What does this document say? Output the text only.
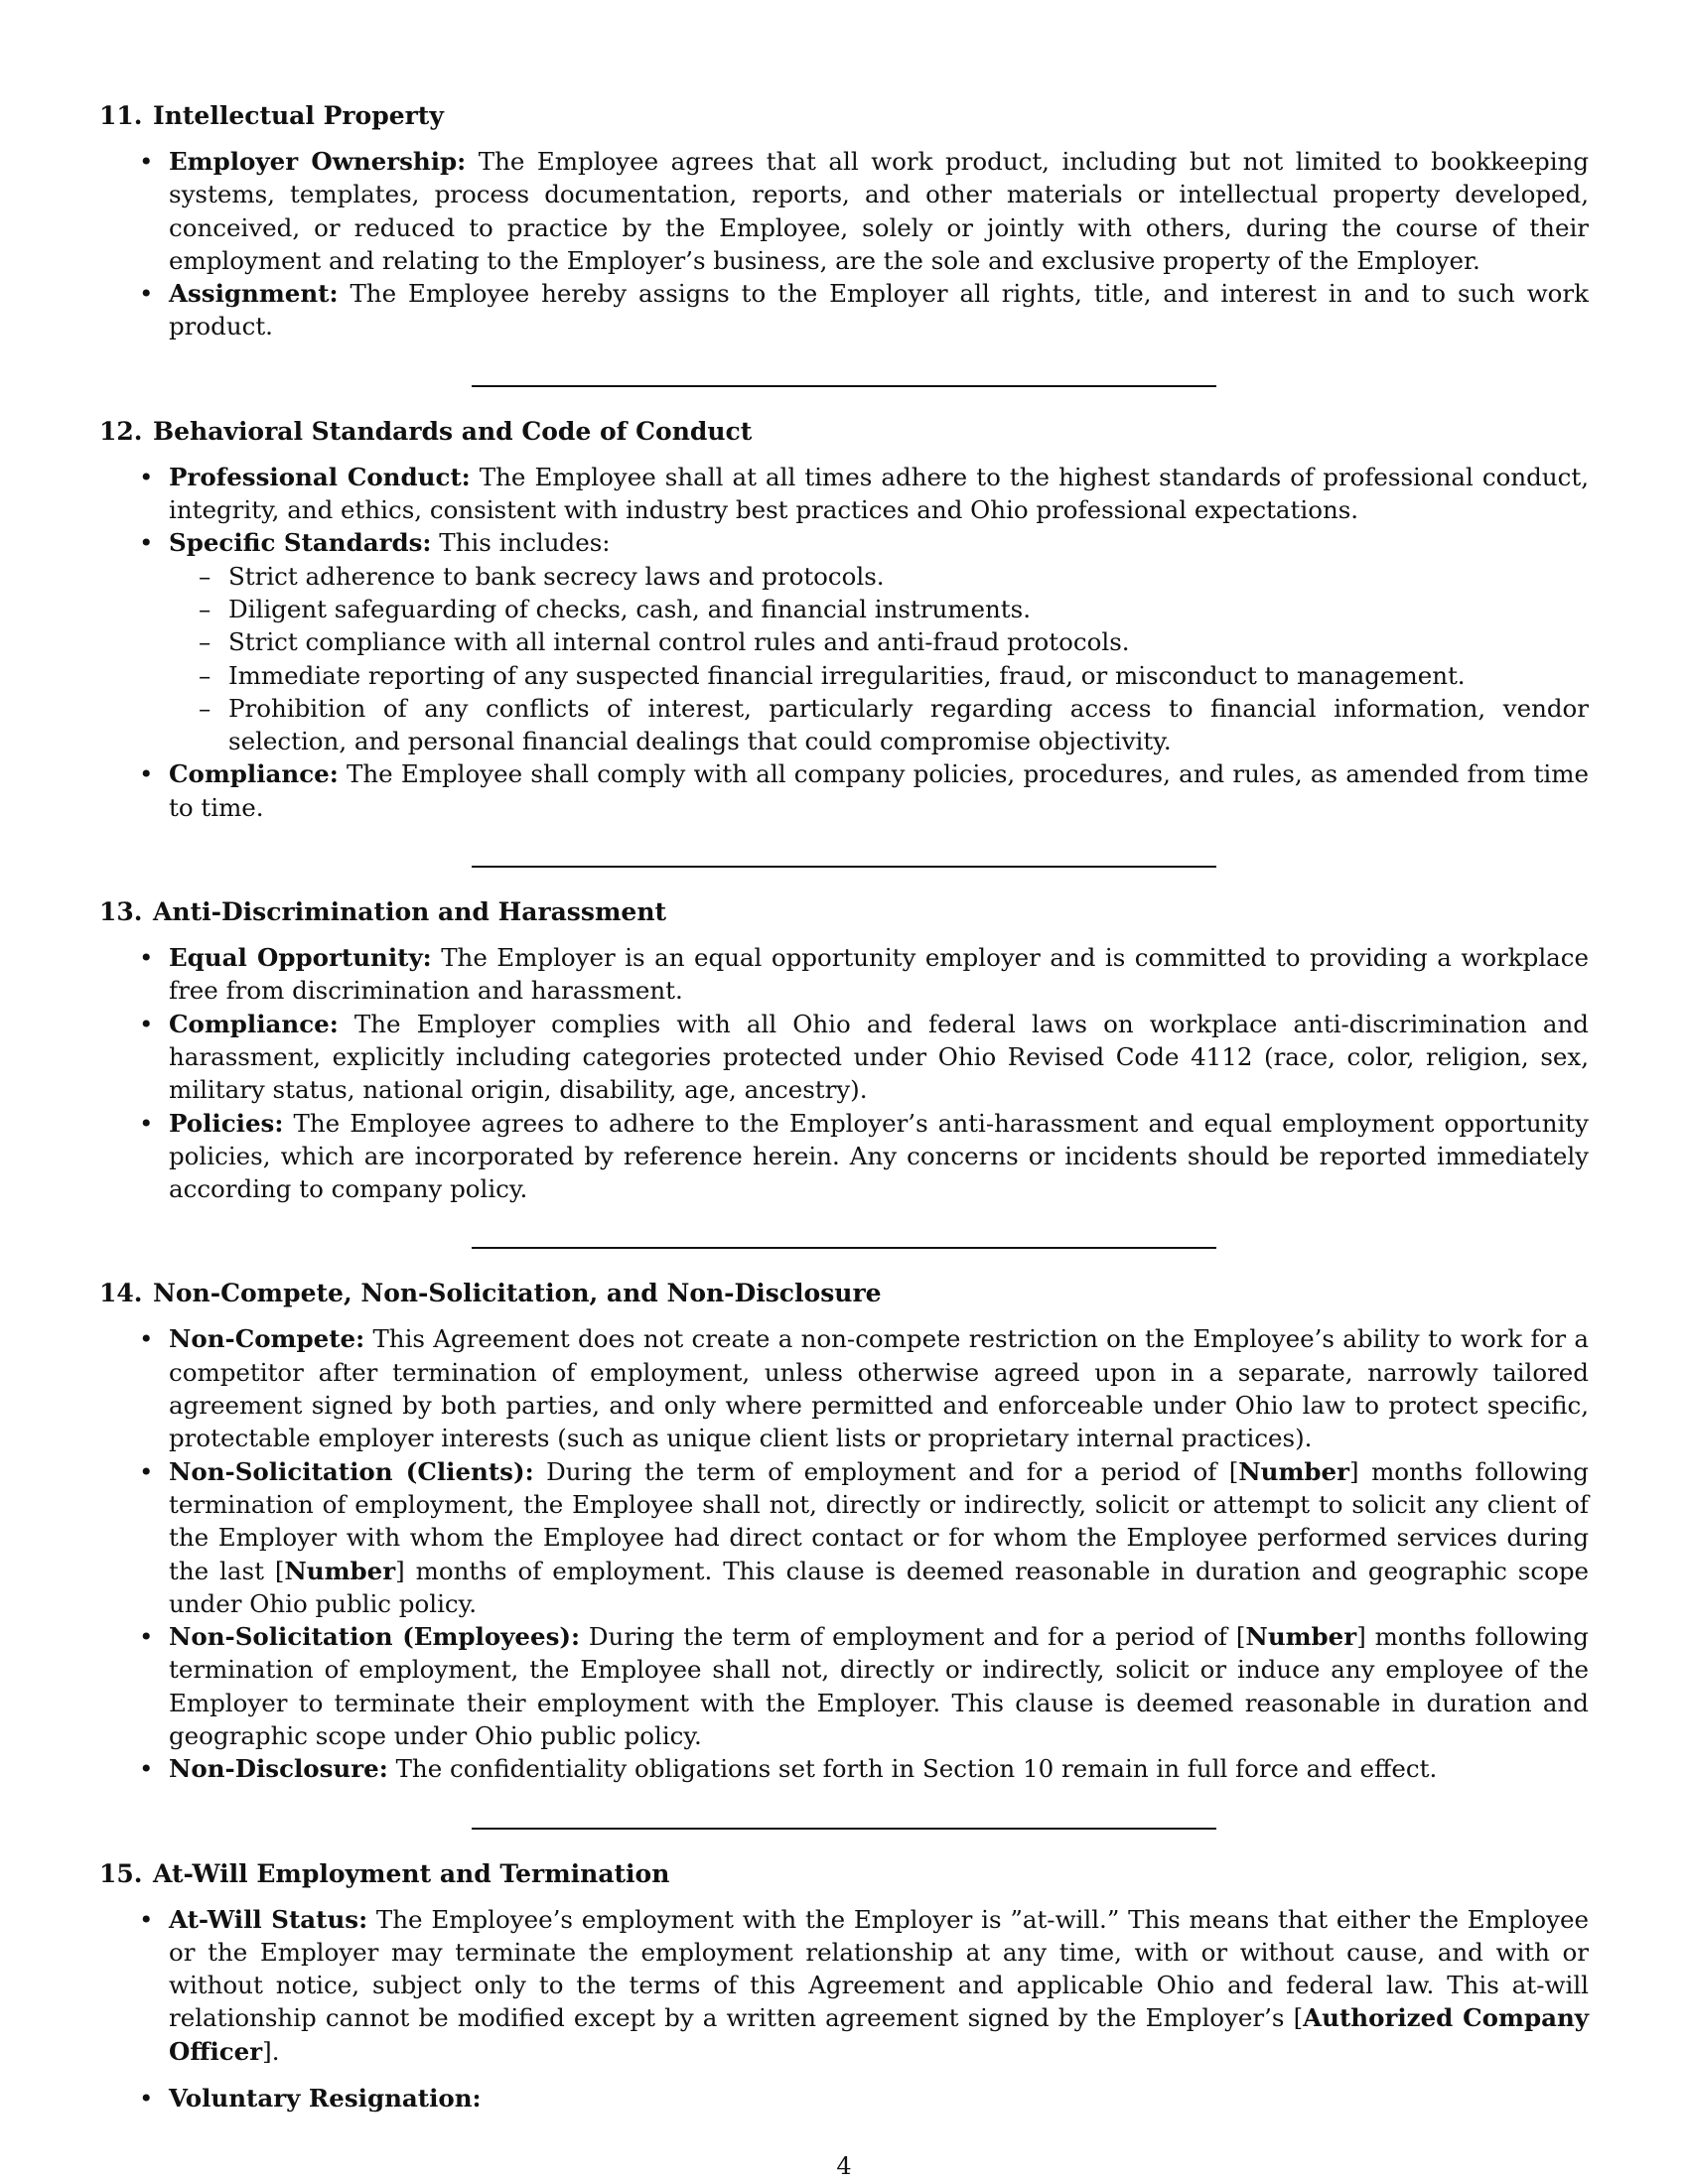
11. Intellectual Property
• Employer Ownership: The Employee agrees that all work product, including but not limited to bookkeeping systems, templates, process documentation, reports, and other materials or intellectual property developed, conceived, or reduced to practice by the Employee, solely or jointly with others, during the course of their employment and relating to the Employer’s business, are the sole and exclusive property of the Employer.
• Assignment: The Employee hereby assigns to the Employer all rights, title, and interest in and to such work product.
12. Behavioral Standards and Code of Conduct
• Professional Conduct: The Employee shall at all times adhere to the highest standards of professional conduct, integrity, and ethics, consistent with industry best practices and Ohio professional expectations.
• Specific Standards: This includes:
– Strict adherence to bank secrecy laws and protocols.
– Diligent safeguarding of checks, cash, and financial instruments.
– Strict compliance with all internal control rules and anti-fraud protocols.
– Immediate reporting of any suspected financial irregularities, fraud, or misconduct to management.
– Prohibition of any conflicts of interest, particularly regarding access to financial information, vendor selection, and personal financial dealings that could compromise objectivity.
• Compliance: The Employee shall comply with all company policies, procedures, and rules, as amended from time to time.
13. Anti-Discrimination and Harassment
• Equal Opportunity: The Employer is an equal opportunity employer and is committed to providing a workplace free from discrimination and harassment.
• Compliance: The Employer complies with all Ohio and federal laws on workplace anti-discrimination and harassment, explicitly including categories protected under Ohio Revised Code 4112 (race, color, religion, sex, military status, national origin, disability, age, ancestry).
• Policies: The Employee agrees to adhere to the Employer’s anti-harassment and equal employment opportunity policies, which are incorporated by reference herein. Any concerns or incidents should be reported immediately according to company policy.
14. Non-Compete, Non-Solicitation, and Non-Disclosure
• Non-Compete: This Agreement does not create a non-compete restriction on the Employee’s ability to work for a competitor after termination of employment, unless otherwise agreed upon in a separate, narrowly tailored agreement signed by both parties, and only where permitted and enforceable under Ohio law to protect specific, protectable employer interests (such as unique client lists or proprietary internal practices).
• Non-Solicitation (Clients): During the term of employment and for a period of [Number] months following termination of employment, the Employee shall not, directly or indirectly, solicit or attempt to solicit any client of the Employer with whom the Employee had direct contact or for whom the Employee performed services during the last [Number] months of employment. This clause is deemed reasonable in duration and geographic scope under Ohio public policy.
• Non-Solicitation (Employees): During the term of employment and for a period of [Number] months following termination of employment, the Employee shall not, directly or indirectly, solicit or induce any employee of the Employer to terminate their employment with the Employer. This clause is deemed reasonable in duration and geographic scope under Ohio public policy.
• Non-Disclosure: The confidentiality obligations set forth in Section 10 remain in full force and effect.
15. At-Will Employment and Termination
• At-Will Status: The Employee’s employment with the Employer is ”at-will.” This means that either the Employee or the Employer may terminate the employment relationship at any time, with or without cause, and with or without notice, subject only to the terms of this Agreement and applicable Ohio and federal law. This at-will relationship cannot be modified except by a written agreement signed by the Employer’s [Authorized Company Officer].
• Voluntary Resignation:
4
